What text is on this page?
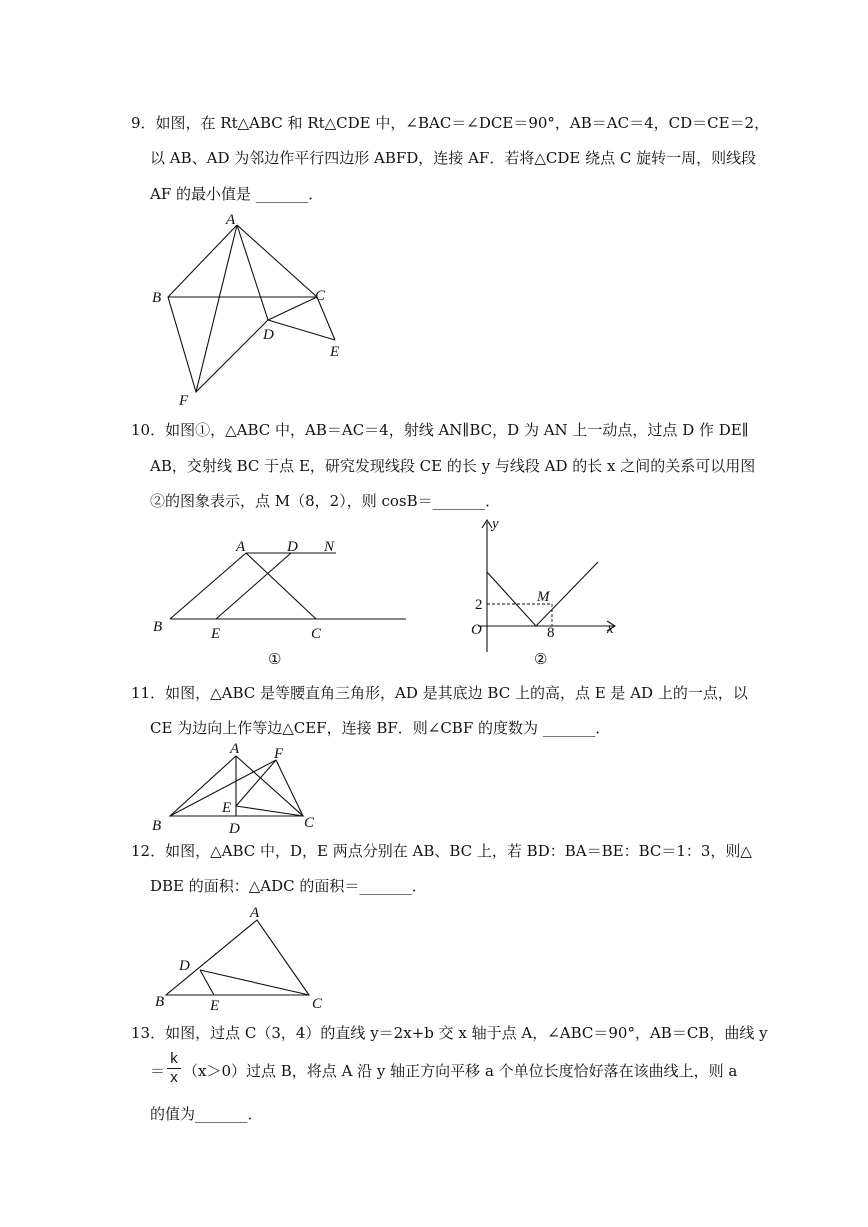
9．如图，在 Rt△ABC 和 Rt△CDE 中，∠BAC＝∠DCE＝90°，AB＝AC＝4，CD＝CE＝2，
以 AB、AD 为邻边作平行四边形 ABFD，连接 AF．若将△CDE 绕点 C 旋转一周，则线段
AF 的最小值是 _______．
A
B	C
D
E
F
10．如图①，△ABC 中，AB＝AC＝4，射线 AN∥BC，D 为 AN 上一动点，过点 D 作 DE∥
AB，交射线 BC 于点 E，研究发现线段 CE 的长 y 与线段 AD 的长 x 之间的关系可以用图
②的图象表示，点 M（8，2），则 cosB＝_______．
A	D N
B	E	C
①
y
x
O
2	M
8
②
11．如图，△ABC 是等腰直角三角形，AD 是其底边 BC 上的高，点 E 是 AD 上的一点，以
CE 为边向上作等边△CEF，连接 BF．则∠CBF 的度数为 _______．
A F
E
B	D	C
12．如图，△ABC 中，D，E 两点分别在 AB、BC 上，若 BD：BA＝BE：BC＝1：3，则△
DBE 的面积：△ADC 的面积＝_______．
A
D
B	E	C
13．如图，过点 C（3，4）的直线 y＝2x+b 交 x 轴于点 A，∠ABC＝90°，AB＝CB，曲线 y
＝
k
x （x＞0）过点 B，将点 A 沿 y 轴正方向平移 a 个单位长度恰好落在该曲线上，则 a
的值为_______．
